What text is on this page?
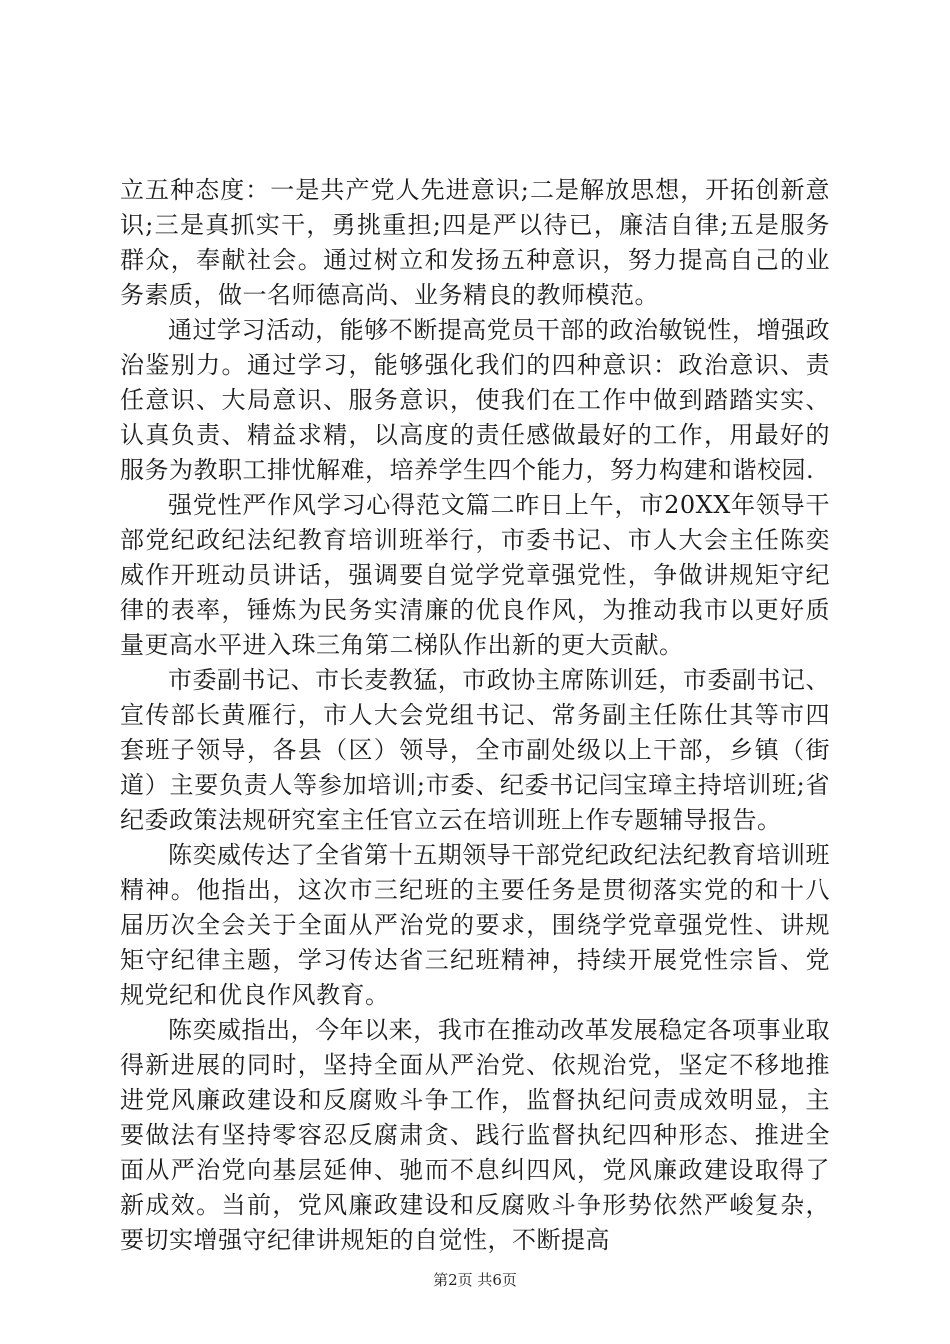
立五种态度：一是共产党人先进意识;二是解放思想，开拓创新意识;三是真抓实干，勇挑重担;四是严以待已，廉洁自律;五是服务群众，奉献社会。通过树立和发扬五种意识，努力提高自己的业务素质，做一名师德高尚、业务精良的教师模范。

通过学习活动，能够不断提高党员干部的政治敏锐性，增强政治鉴别力。通过学习，能够强化我们的四种意识：政治意识、责任意识、大局意识、服务意识，使我们在工作中做到踏踏实实、认真负责、精益求精，以高度的责任感做最好的工作，用最好的服务为教职工排忧解难，培养学生四个能力，努力构建和谐校园.

强党性严作风学习心得范文篇二昨日上午，市20XX年领导干部党纪政纪法纪教育培训班举行，市委书记、市人大会主任陈奕威作开班动员讲话，强调要自觉学党章强党性，争做讲规矩守纪律的表率，锤炼为民务实清廉的优良作风，为推动我市以更好质量更高水平进入珠三角第二梯队作出新的更大贡献。

市委副书记、市长麦教猛，市政协主席陈训廷，市委副书记、宣传部长黄雁行，市人大会党组书记、常务副主任陈仕其等市四套班子领导，各县（区）领导，全市副处级以上干部，乡镇（街道）主要负责人等参加培训;市委、纪委书记闫宝璋主持培训班;省纪委政策法规研究室主任官立云在培训班上作专题辅导报告。

陈奕威传达了全省第十五期领导干部党纪政纪法纪教育培训班精神。他指出，这次市三纪班的主要任务是贯彻落实党的和十八届历次全会关于全面从严治党的要求，围绕学党章强党性、讲规矩守纪律主题，学习传达省三纪班精神，持续开展党性宗旨、党规党纪和优良作风教育。

陈奕威指出，今年以来，我市在推动改革发展稳定各项事业取得新进展的同时，坚持全面从严治党、依规治党，坚定不移地推进党风廉政建设和反腐败斗争工作，监督执纪问责成效明显，主要做法有坚持零容忍反腐肃贪、践行监督执纪四种形态、推进全面从严治党向基层延伸、驰而不息纠四风，党风廉政建设取得了新成效。当前，党风廉政建设和反腐败斗争形势依然严峻复杂，要切实增强守纪律讲规矩的自觉性，不断提高

第2页 共6页
